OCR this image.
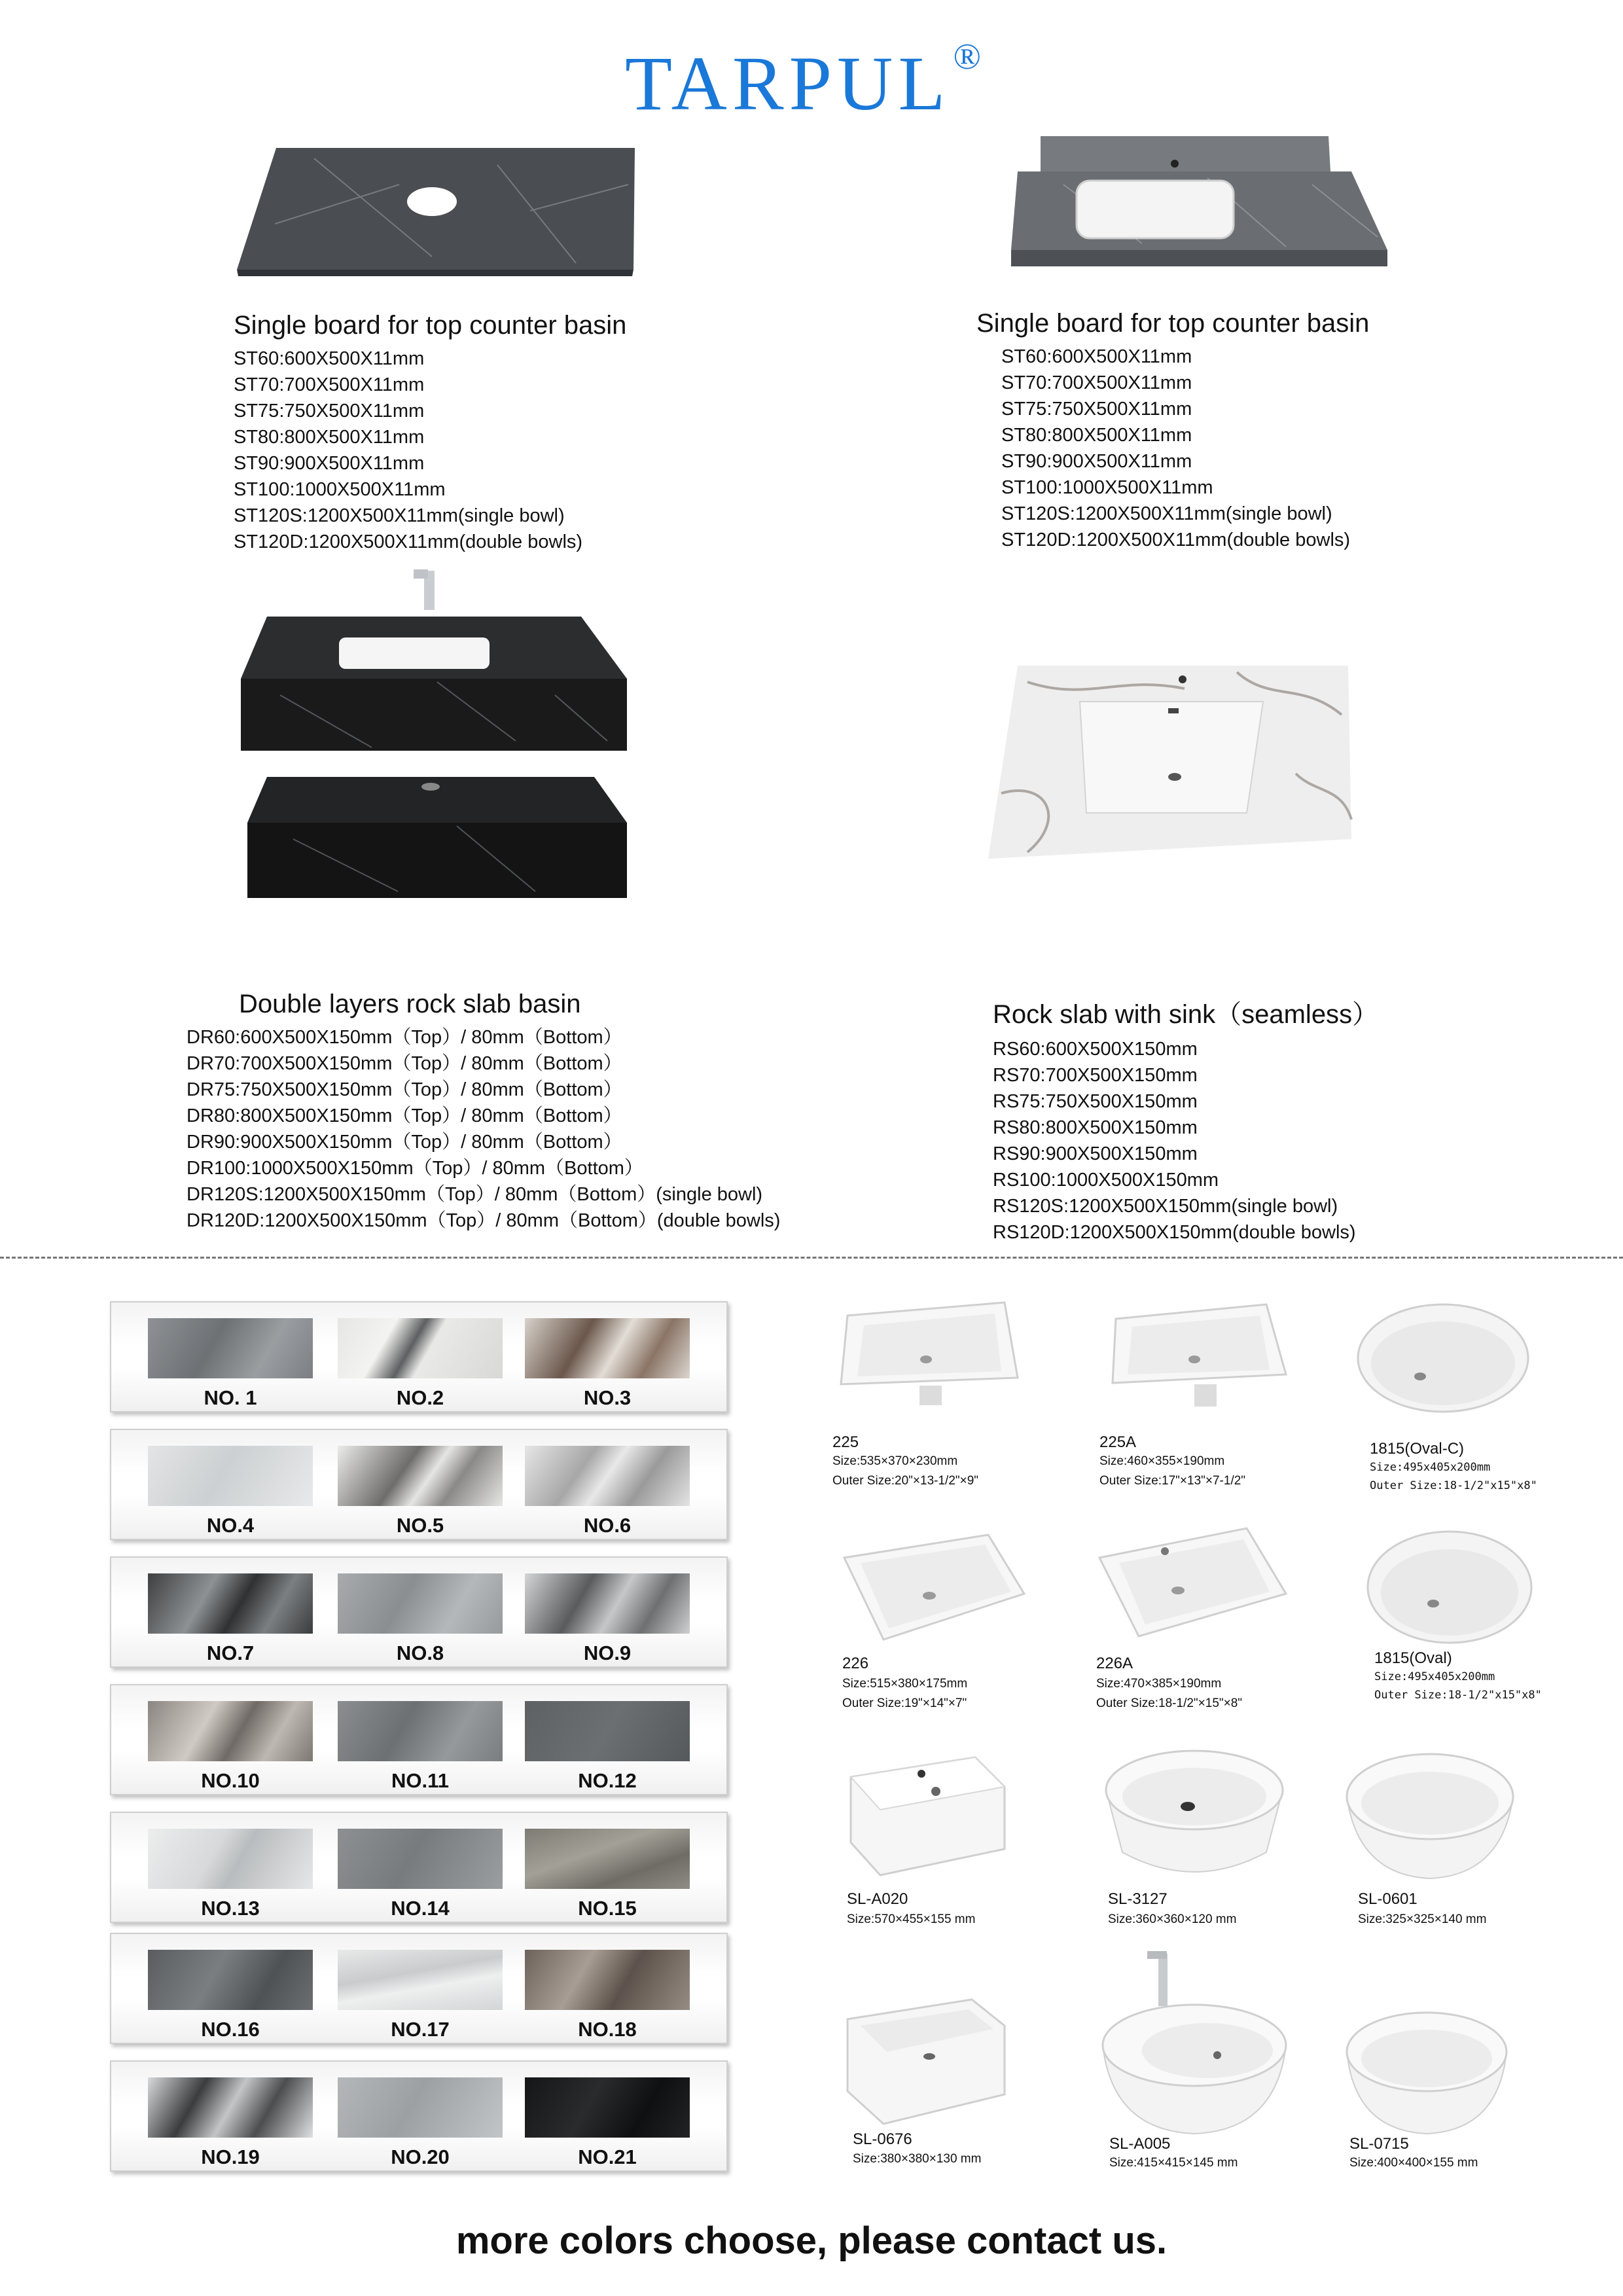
TARPUL®
Single board for top counter basin
ST60:600X500X11mm
ST70:700X500X11mm
ST75:750X500X11mm
ST80:800X500X11mm
ST90:900X500X11mm
ST100:1000X500X11mm
ST120S:1200X500X11mm(single bowl)
ST120D:1200X500X11mm(double bowls)
Single board for top counter basin
ST60:600X500X11mm
ST70:700X500X11mm
ST75:750X500X11mm
ST80:800X500X11mm
ST90:900X500X11mm
ST100:1000X500X11mm
ST120S:1200X500X11mm(single bowl)
ST120D:1200X500X11mm(double bowls)
Double layers rock slab basin
DR60:600X500X150mm（Top）/ 80mm（Bottom）
DR70:700X500X150mm（Top）/ 80mm（Bottom）
DR75:750X500X150mm（Top）/ 80mm（Bottom）
DR80:800X500X150mm（Top）/ 80mm（Bottom）
DR90:900X500X150mm（Top）/ 80mm（Bottom）
DR100:1000X500X150mm（Top）/ 80mm（Bottom）
DR120S:1200X500X150mm（Top）/ 80mm（Bottom）(single bowl)
DR120D:1200X500X150mm（Top）/ 80mm（Bottom）(double bowls)
Rock slab with sink（seamless）
RS60:600X500X150mm
RS70:700X500X150mm
RS75:750X500X150mm
RS80:800X500X150mm
RS90:900X500X150mm
RS100:1000X500X150mm
RS120S:1200X500X150mm(single bowl)
RS120D:1200X500X150mm(double bowls)
NO. 1	NO.2	NO.3
NO.4	NO.5	NO.6
NO.7	NO.8	NO.9
NO.10	NO.11	NO.12
NO.13	NO.14	NO.15
NO.16	NO.17	NO.18
NO.19	NO.20	NO.21
225
Size:535×370×230mm
Outer Size:20"×13-1/2"×9"
225A
Size:460×355×190mm
Outer Size:17"×13"×7-1/2"
1815(Oval-C)
Size:495x405x200mm
Outer Size:18-1/2"x15"x8"
226
Size:515×380×175mm
Outer Size:19"×14"×7"
226A
Size:470×385×190mm
Outer Size:18-1/2"×15"×8"
1815(Oval)
Size:495x405x200mm
Outer Size:18-1/2"x15"x8"
SL-A020
Size:570×455×155 mm
SL-3127
Size:360×360×120 mm
SL-0601
Size:325×325×140 mm
SL-0676
Size:380×380×130 mm
SL-A005
Size:415×415×145 mm
SL-0715
Size:400×400×155 mm
more colors choose, please contact us.
